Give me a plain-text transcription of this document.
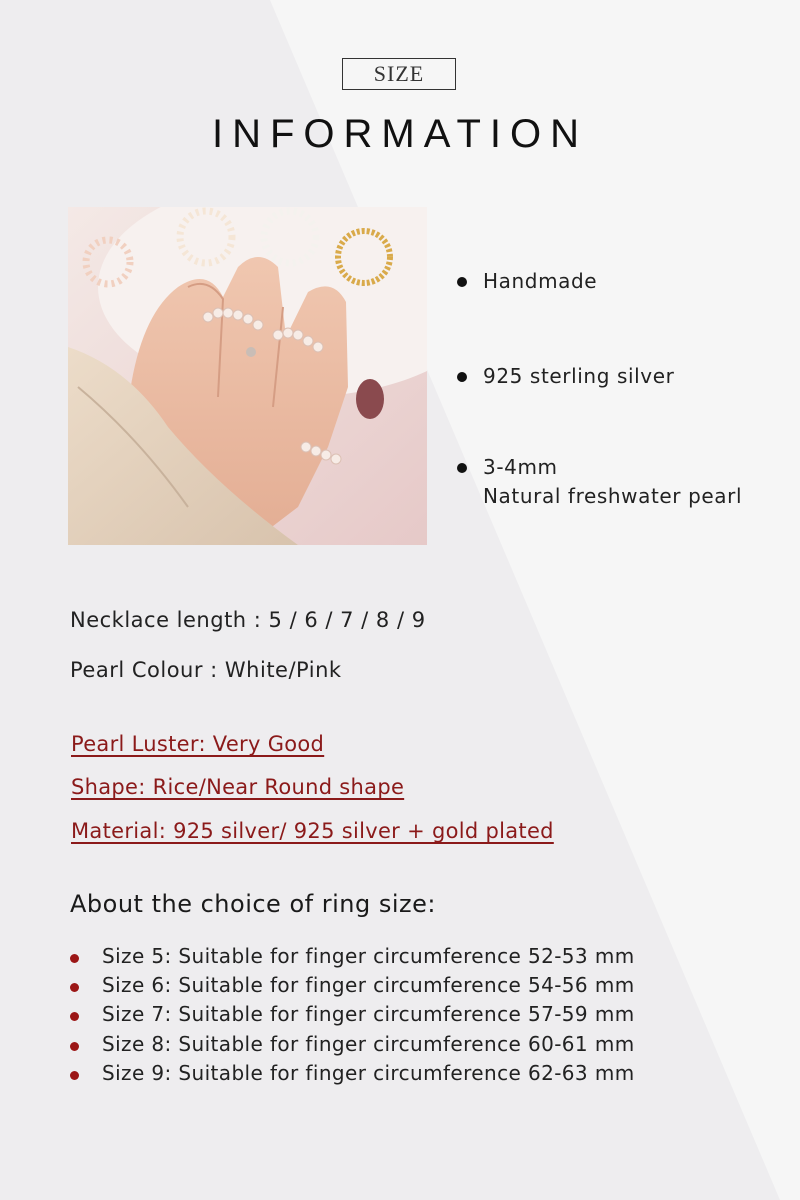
SIZE
INFORMATION
Handmade
925 sterling silver
3-4mm
Natural freshwater pearl
Necklace length : 5 / 6 / 7 / 8 / 9
Pearl Colour : White/Pink
Pearl Luster: Very Good
Shape: Rice/Near Round shape
Material: 925 silver/ 925 silver + gold plated
About the choice of ring size:
Size 5: Suitable for finger circumference 52-53 mm
Size 6: Suitable for finger circumference 54-56 mm
Size 7: Suitable for finger circumference 57-59 mm
Size 8: Suitable for finger circumference 60-61 mm
Size 9: Suitable for finger circumference 62-63 mm
